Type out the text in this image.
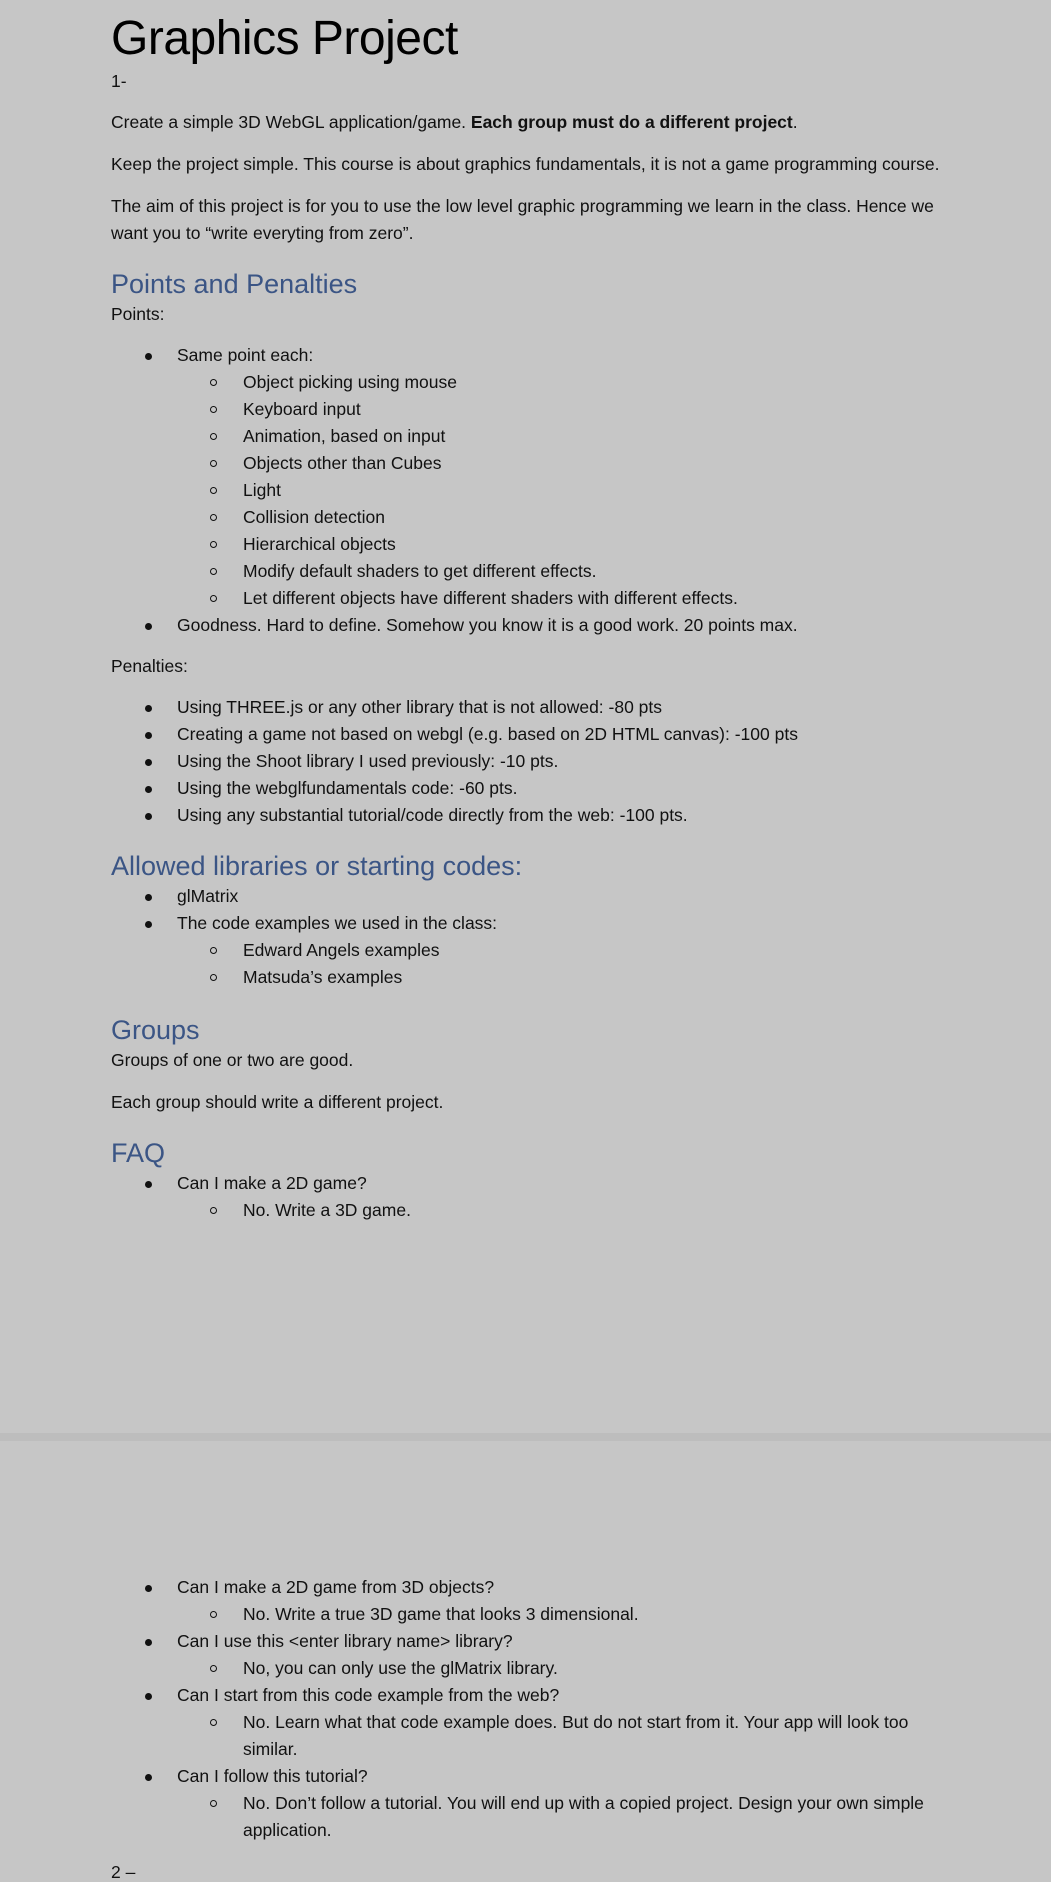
Graphics Project

1-

Create a simple 3D WebGL application/game. Each group must do a different project.

Keep the project simple. This course is about graphics fundamentals, it is not a game programming course.

The aim of this project is for you to use the low level graphic programming we learn in the class. Hence we want you to “write everyting from zero”.

Points and Penalties

Points:

Same point each:
Object picking using mouse
Keyboard input
Animation, based on input
Objects other than Cubes
Light
Collision detection
Hierarchical objects
Modify default shaders to get different effects.
Let different objects have different shaders with different effects.
Goodness. Hard to define. Somehow you know it is a good work. 20 points max.

Penalties:

Using THREE.js or any other library that is not allowed: -80 pts
Creating a game not based on webgl (e.g. based on 2D HTML canvas): -100 pts
Using the Shoot library I used previously: -10 pts.
Using the webglfundamentals code: -60 pts.
Using any substantial tutorial/code directly from the web: -100 pts.
Allowed libraries or starting codes:
glMatrix
The code examples we used in the class:
Edward Angels examples
Matsuda’s examples
Groups

Groups of one or two are good.

Each group should write a different project.

FAQ
Can I make a 2D game?
No. Write a 3D game.
Can I make a 2D game from 3D objects?
No. Write a true 3D game that looks 3 dimensional.
Can I use this <enter library name> library?
No, you can only use the glMatrix library.
Can I start from this code example from the web?
No. Learn what that code example does. But do not start from it. Your app will look too similar.
Can I follow this tutorial?
No. Don’t follow a tutorial. You will end up with a copied project. Design your own simple application.
2 –
